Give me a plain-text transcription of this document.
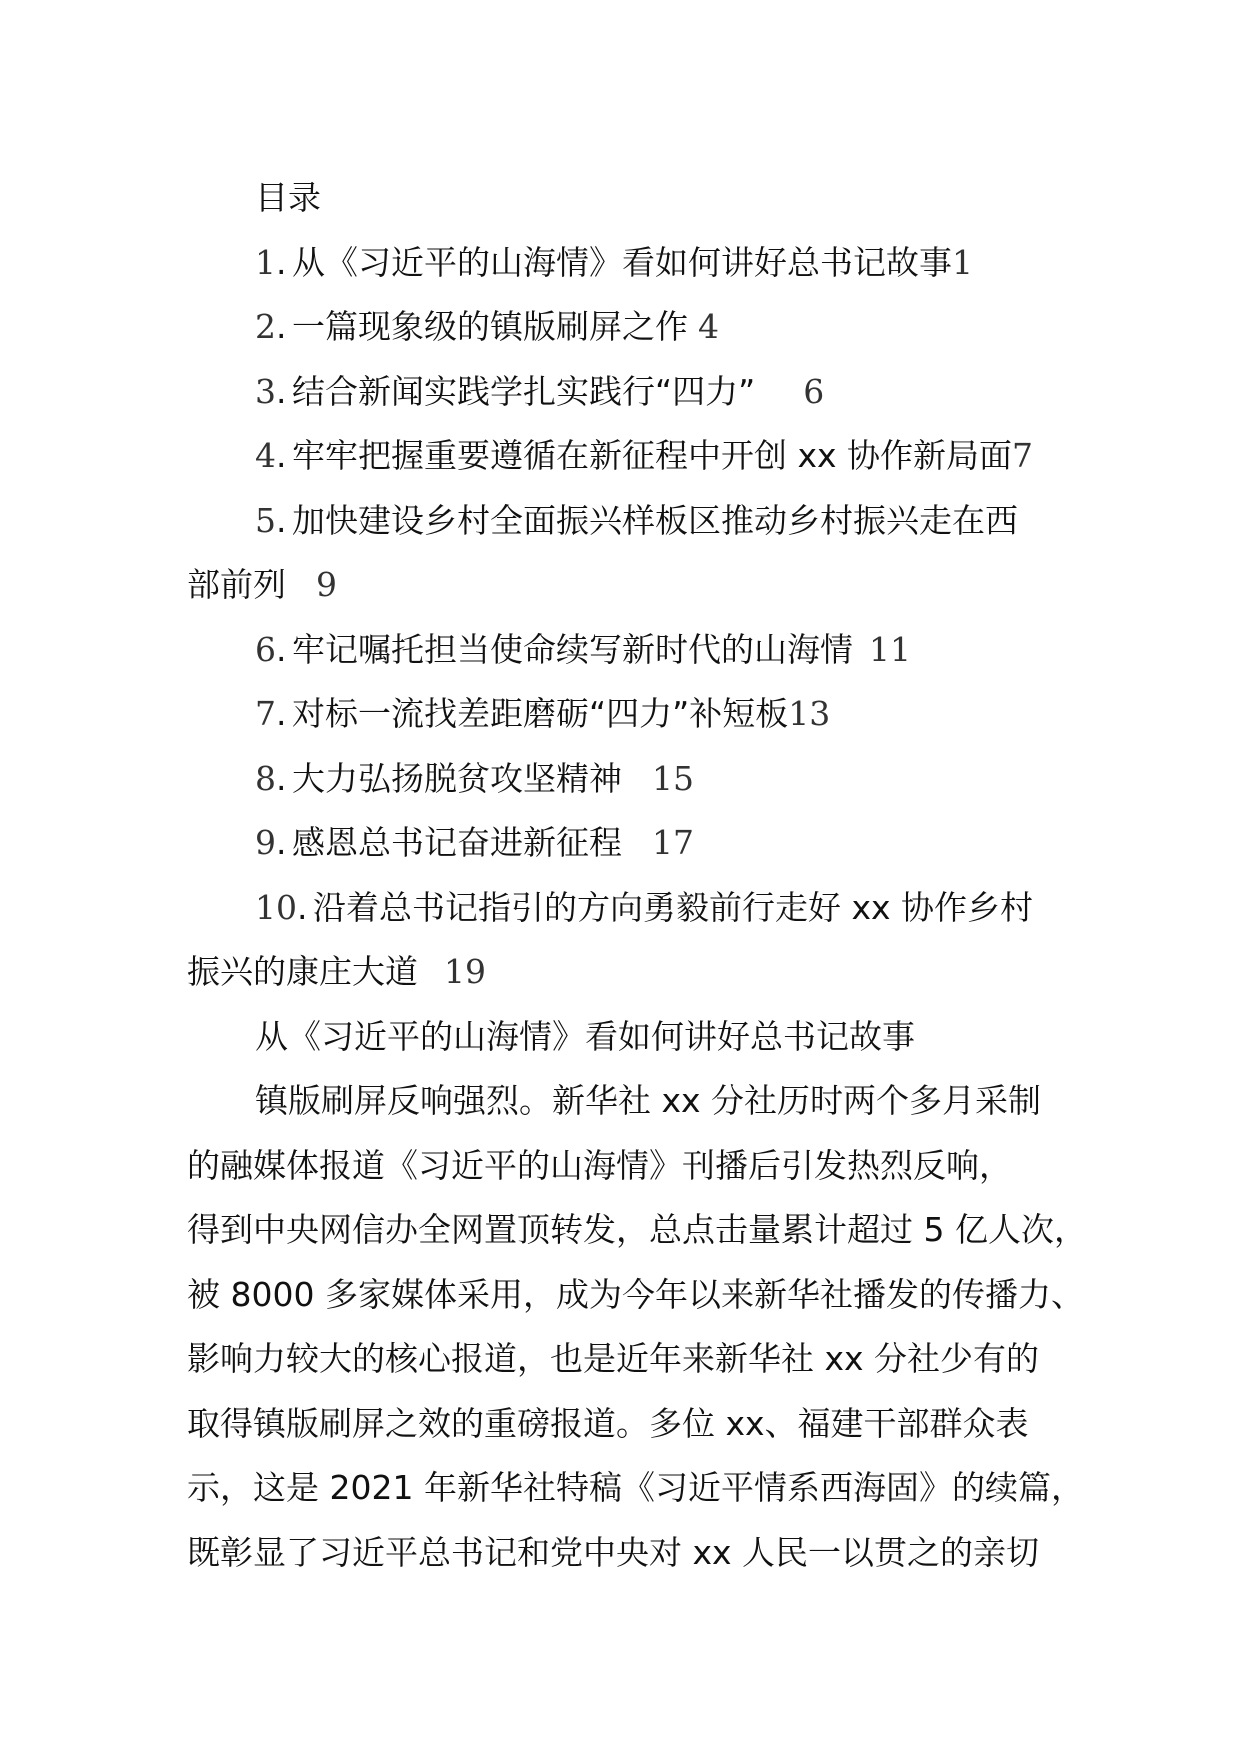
目录
1. 从《习近平的山海情》看如何讲好总书记故事1
2. 一篇现象级的镇版刷屏之作 4
3. 结合新闻实践学扎实践行“四力” 6
4. 牢牢把握重要遵循在新征程中开创 xx 协作新局面7
5. 加快建设乡村全面振兴样板区推动乡村振兴走在西
部前列 9
6. 牢记嘱托担当使命续写新时代的山海情 11
7. 对标一流找差距磨砺“四力”补短板13
8. 大力弘扬脱贫攻坚精神 15
9. 感恩总书记奋进新征程 17
10. 沿着总书记指引的方向勇毅前行走好 xx 协作乡村
振兴的康庄大道 19
从《习近平的山海情》看如何讲好总书记故事
镇版刷屏反响强烈。新华社 xx 分社历时两个多月采制
的融媒体报道《习近平的山海情》刊播后引发热烈反响，
得到中央网信办全网置顶转发，总点击量累计超过 5 亿人次，
被 8000 多家媒体采用，成为今年以来新华社播发的传播力、
影响力较大的核心报道，也是近年来新华社 xx 分社少有的
取得镇版刷屏之效的重磅报道。多位 xx、福建干部群众表
示，这是 2021 年新华社特稿《习近平情系西海固》的续篇，
既彰显了习近平总书记和党中央对 xx 人民一以贯之的亲切
